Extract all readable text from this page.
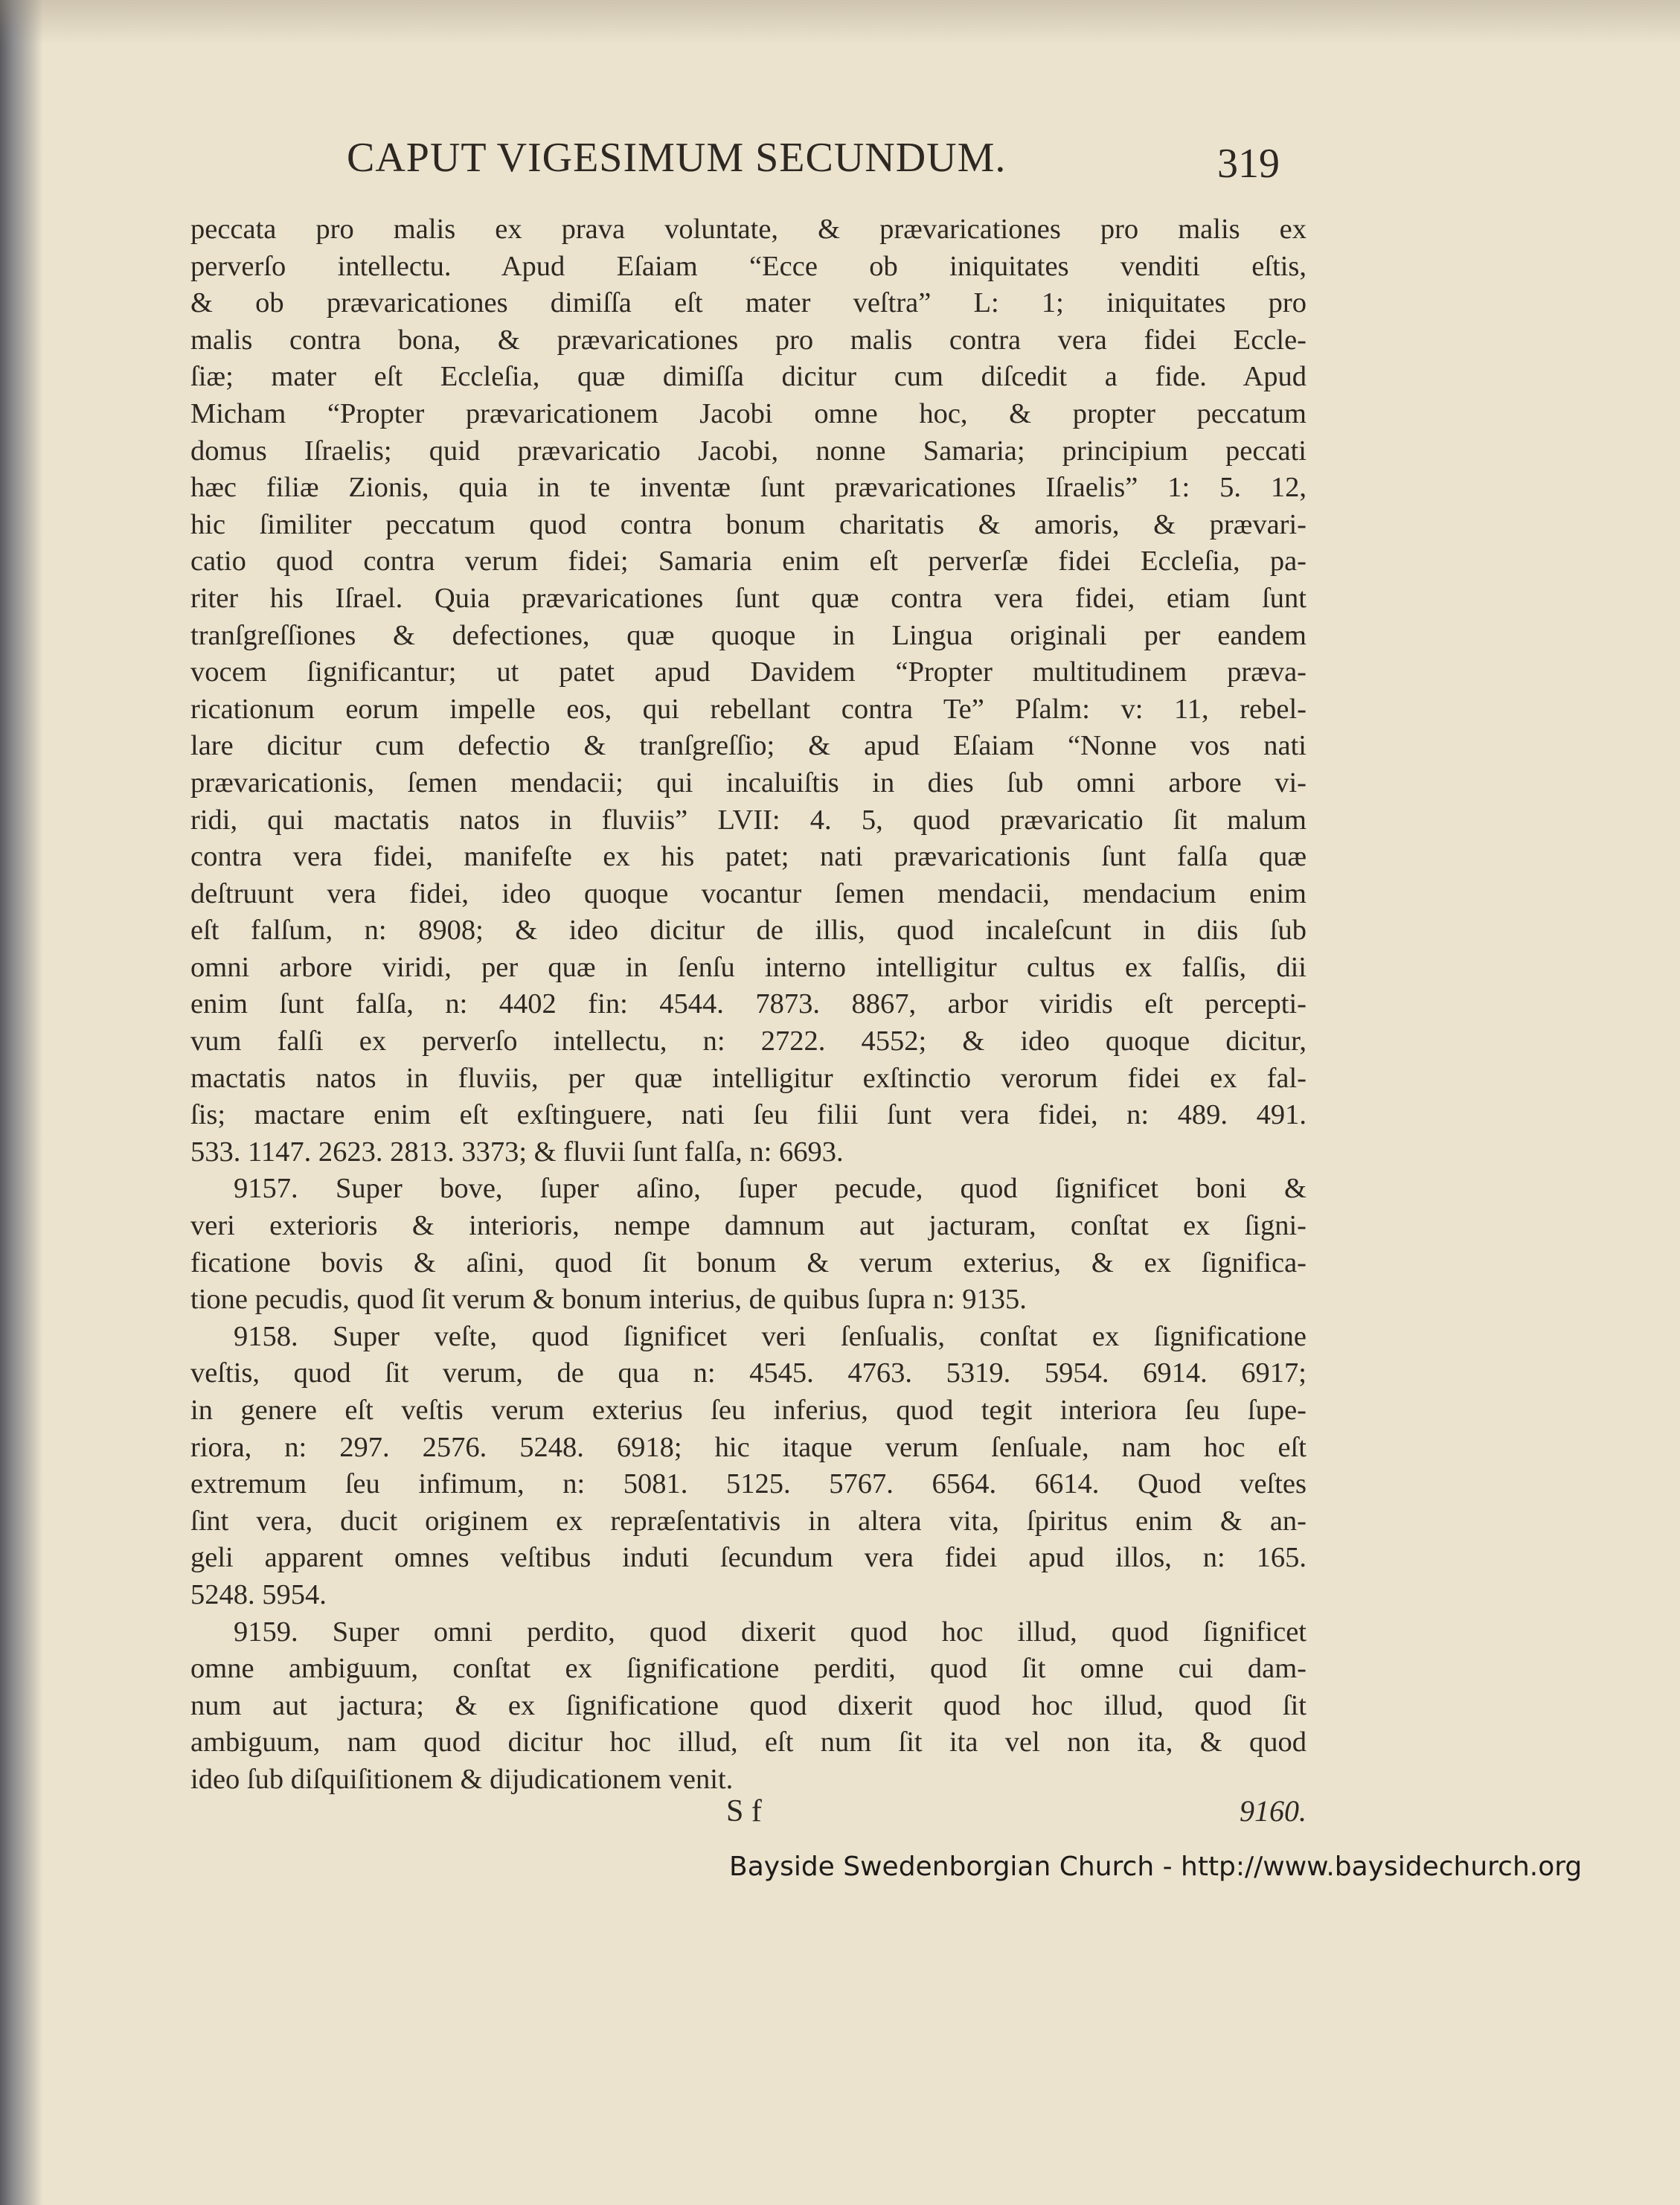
CAPUT VIGESIMUM SECUNDUM.	319
peccata pro malis ex prava voluntate, & prævaricationes pro malis ex
perverſo intellectu. Apud Eſaiam “Ecce ob iniquitates venditi eſtis,
& ob prævaricationes dimiſſa eſt mater veſtra” L: 1; iniquitates pro
malis contra bona, & prævaricationes pro malis contra vera fidei Eccle-
ſiæ; mater eſt Eccleſia, quæ dimiſſa dicitur cum diſcedit a fide. Apud
Micham “Propter prævaricationem Jacobi omne hoc, & propter peccatum
domus Iſraelis; quid prævaricatio Jacobi, nonne Samaria; principium peccati
hæc filiæ Zionis, quia in te inventæ ſunt prævaricationes Iſraelis” 1: 5. 12,
hic ſimiliter peccatum quod contra bonum charitatis & amoris, & prævari-
catio quod contra verum fidei; Samaria enim eſt perverſæ fidei Eccleſia, pa-
riter his Iſrael. Quia prævaricationes ſunt quæ contra vera fidei, etiam ſunt
tranſgreſſiones & defectiones, quæ quoque in Lingua originali per eandem
vocem ſignificantur; ut patet apud Davidem “Propter multitudinem præva-
ricationum eorum impelle eos, qui rebellant contra Te” Pſalm: v: 11, rebel-
lare dicitur cum defectio & tranſgreſſio; & apud Eſaiam “Nonne vos nati
prævaricationis, ſemen mendacii; qui incaluiſtis in dies ſub omni arbore vi-
ridi, qui mactatis natos in fluviis” LVII: 4. 5, quod prævaricatio ſit malum
contra vera fidei, manifeſte ex his patet; nati prævaricationis ſunt falſa quæ
deſtruunt vera fidei, ideo quoque vocantur ſemen mendacii, mendacium enim
eſt falſum, n: 8908; & ideo dicitur de illis, quod incaleſcunt in diis ſub
omni arbore viridi, per quæ in ſenſu interno intelligitur cultus ex falſis, dii
enim ſunt falſa, n: 4402 fin: 4544. 7873. 8867, arbor viridis eſt percepti-
vum falſi ex perverſo intellectu, n: 2722. 4552; & ideo quoque dicitur,
mactatis natos in fluviis, per quæ intelligitur exſtinctio verorum fidei ex fal-
ſis; mactare enim eſt exſtinguere, nati ſeu filii ſunt vera fidei, n: 489. 491.
533. 1147. 2623. 2813. 3373; & fluvii ſunt falſa, n: 6693.
9157. Super bove, ſuper aſino, ſuper pecude, quod ſignificet boni &
veri exterioris & interioris, nempe damnum aut jacturam, conſtat ex ſigni-
ficatione bovis & aſini, quod ſit bonum & verum exterius, & ex ſignifica-
tione pecudis, quod ſit verum & bonum interius, de quibus ſupra n: 9135.
9158. Super veſte, quod ſignificet veri ſenſualis, conſtat ex ſignificatione
veſtis, quod ſit verum, de qua n: 4545. 4763. 5319. 5954. 6914. 6917;
in genere eſt veſtis verum exterius ſeu inferius, quod tegit interiora ſeu ſupe-
riora, n: 297. 2576. 5248. 6918; hic itaque verum ſenſuale, nam hoc eſt
extremum ſeu infimum, n: 5081. 5125. 5767. 6564. 6614. Quod veſtes
ſint vera, ducit originem ex repræſentativis in altera vita, ſpiritus enim & an-
geli apparent omnes veſtibus induti ſecundum vera fidei apud illos, n: 165.
5248. 5954.
9159. Super omni perdito, quod dixerit quod hoc illud, quod ſignificet
omne ambiguum, conſtat ex ſignificatione perditi, quod ſit omne cui dam-
num aut jactura; & ex ſignificatione quod dixerit quod hoc illud, quod ſit
ambiguum, nam quod dicitur hoc illud, eſt num ſit ita vel non ita, & quod
ideo ſub diſquiſitionem & dijudicationem venit.
S f	9160.
Bayside Swedenborgian Church - http://www.baysidechurch.org
